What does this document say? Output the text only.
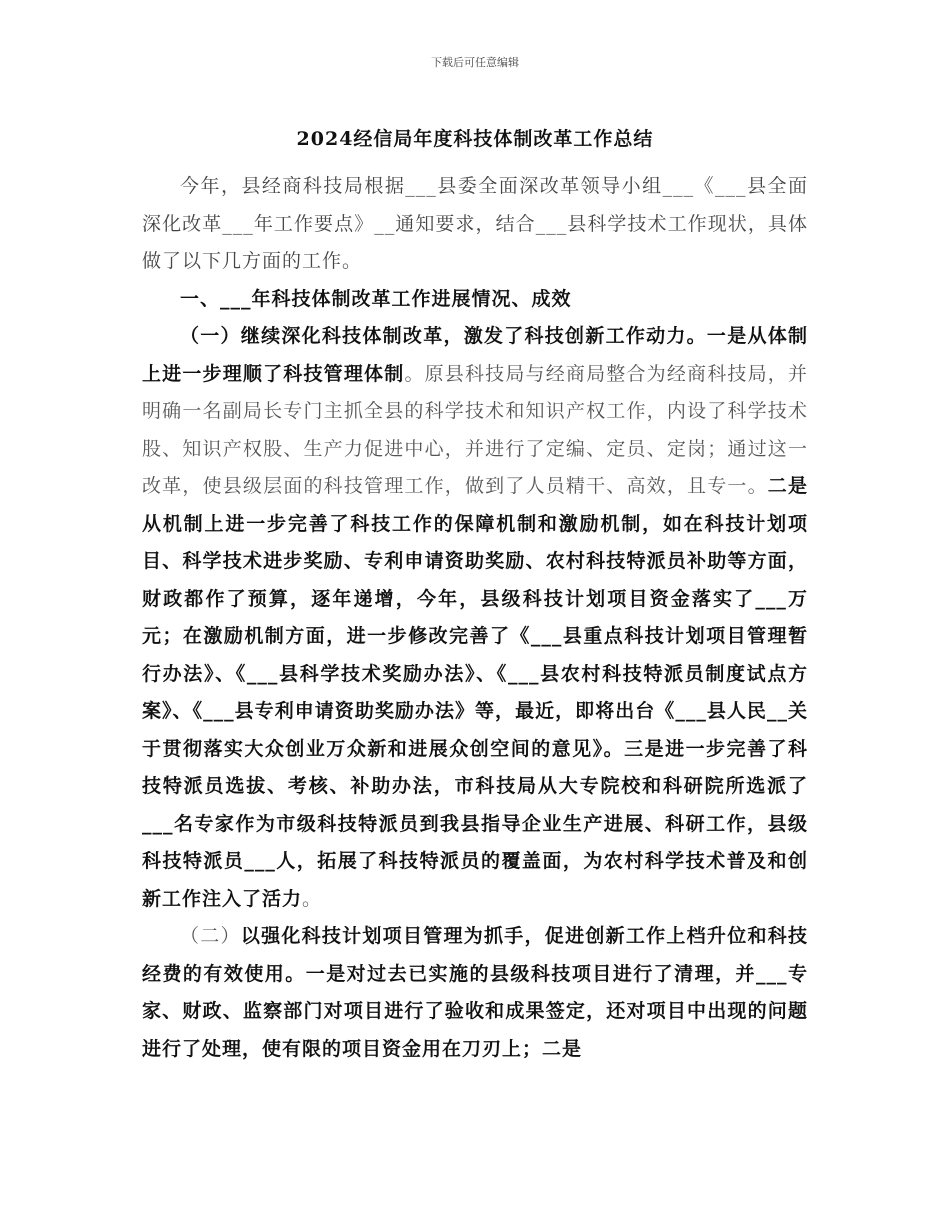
下载后可任意编辑
2024经信局年度科技体制改革工作总结

今年，县经商科技局根据___县委全面深改革领导小组___《___县全面深化改革___年工作要点》__通知要求，结合___县科学技术工作现状，具体做了以下几方面的工作。

一、___年科技体制改革工作进展情况、成效

（一）继续深化科技体制改革，激发了科技创新工作动力。一是从体制上进一步理顺了科技管理体制。原县科技局与经商局整合为经商科技局，并明确一名副局长专门主抓全县的科学技术和知识产权工作，内设了科学技术股、知识产权股、生产力促进中心，并进行了定编、定员、定岗；通过这一改革，使县级层面的科技管理工作，做到了人员精干、高效，且专一。二是从机制上进一步完善了科技工作的保障机制和激励机制，如在科技计划项目、科学技术进步奖励、专利申请资助奖励、农村科技特派员补助等方面，财政都作了预算，逐年递增，今年，县级科技计划项目资金落实了___万元；在激励机制方面，进一步修改完善了《___县重点科技计划项目管理暂行办法》、《___县科学技术奖励办法》、《___县农村科技特派员制度试点方案》、《___县专利申请资助奖励办法》等，最近，即将出台《___县人民__关于贯彻落实大众创业万众新和进展众创空间的意见》。三是进一步完善了科技特派员选拔、考核、补助办法，市科技局从大专院校和科研院所选派了___名专家作为市级科技特派员到我县指导企业生产进展、科研工作，县级科技特派员___人，拓展了科技特派员的覆盖面，为农村科学技术普及和创新工作注入了活力。

（二）以强化科技计划项目管理为抓手，促进创新工作上档升位和科技经费的有效使用。一是对过去已实施的县级科技项目进行了清理，并___专家、财政、监察部门对项目进行了验收和成果签定，还对项目中出现的问题进行了处理，使有限的项目资金用在刀刃上；二是
